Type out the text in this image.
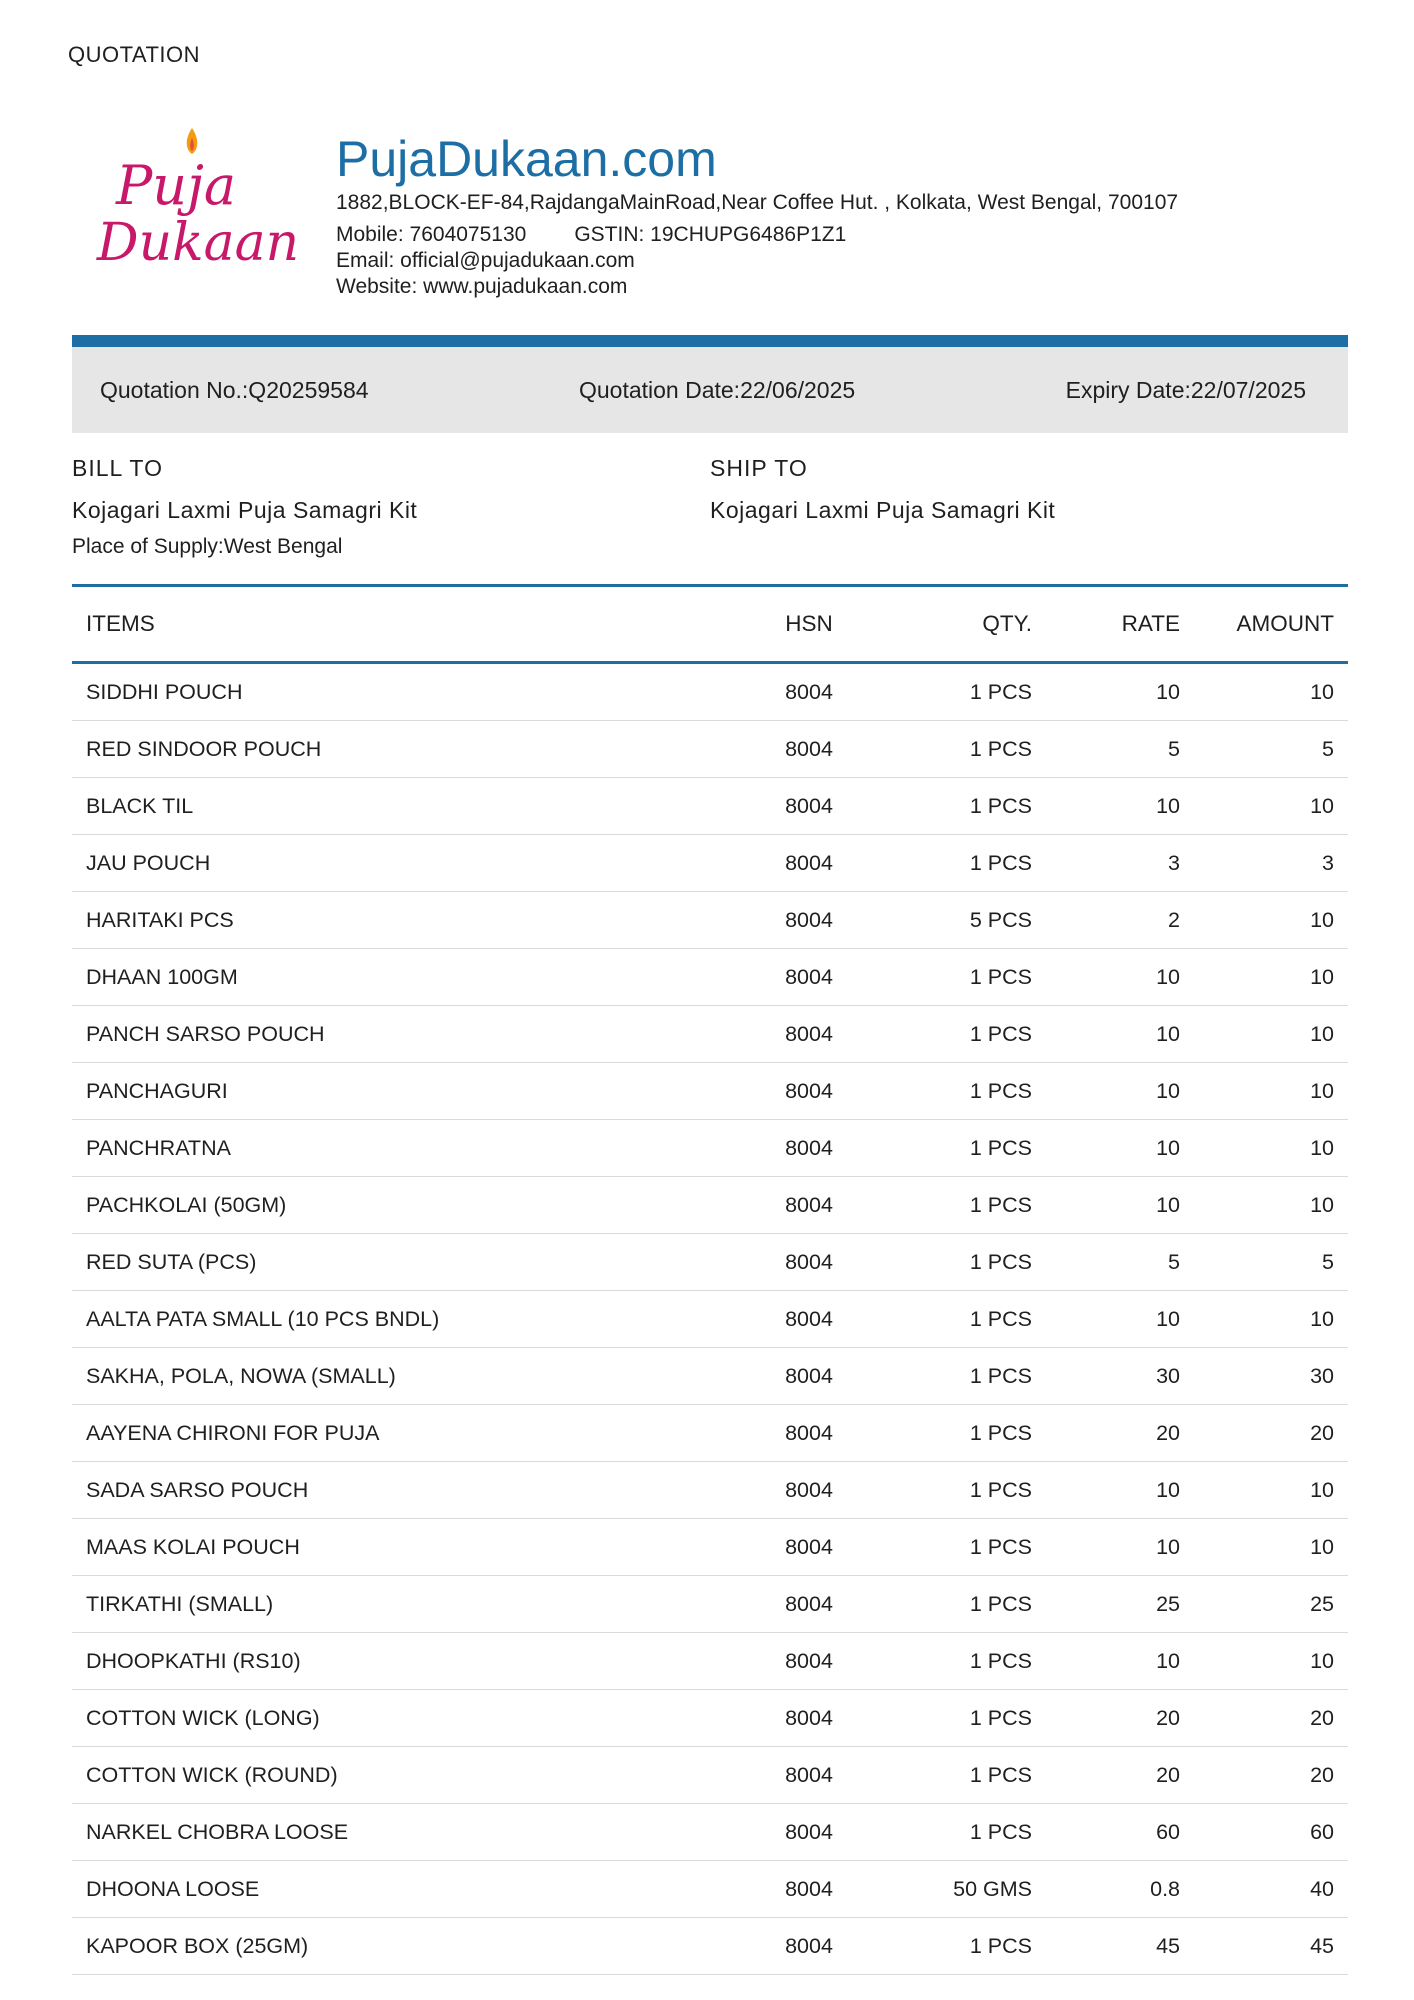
QUOTATION
Puja
Dukaan
PujaDukaan.com
1882,BLOCK-EF-84,RajdangaMainRoad,Near Coffee Hut. , Kolkata, West Bengal, 700107
Mobile: 7604075130 GSTIN: 19CHUPG6486P1Z1
Email: official@pujadukaan.com
Website: www.pujadukaan.com
Quotation No.:Q20259584	Quotation Date:22/06/2025	Expiry Date:22/07/2025
BILL TO
Kojagari Laxmi Puja Samagri Kit
Place of Supply:West Bengal
SHIP TO
Kojagari Laxmi Puja Samagri Kit
ITEMS	HSN	QTY.	RATE	AMOUNT
SIDDHI POUCH	8004	1 PCS	10	10
RED SINDOOR POUCH	8004	1 PCS	5	5
BLACK TIL	8004	1 PCS	10	10
JAU POUCH	8004	1 PCS	3	3
HARITAKI PCS	8004	5 PCS	2	10
DHAAN 100GM	8004	1 PCS	10	10
PANCH SARSO POUCH	8004	1 PCS	10	10
PANCHAGURI	8004	1 PCS	10	10
PANCHRATNA	8004	1 PCS	10	10
PACHKOLAI (50GM)	8004	1 PCS	10	10
RED SUTA (PCS)	8004	1 PCS	5	5
AALTA PATA SMALL (10 PCS BNDL)	8004	1 PCS	10	10
SAKHA, POLA, NOWA (SMALL)	8004	1 PCS	30	30
AAYENA CHIRONI FOR PUJA	8004	1 PCS	20	20
SADA SARSO POUCH	8004	1 PCS	10	10
MAAS KOLAI POUCH	8004	1 PCS	10	10
TIRKATHI (SMALL)	8004	1 PCS	25	25
DHOOPKATHI (RS10)	8004	1 PCS	10	10
COTTON WICK (LONG)	8004	1 PCS	20	20
COTTON WICK (ROUND)	8004	1 PCS	20	20
NARKEL CHOBRA LOOSE	8004	1 PCS	60	60
DHOONA LOOSE	8004	50 GMS	0.8	40
KAPOOR BOX (25GM)	8004	1 PCS	45	45
